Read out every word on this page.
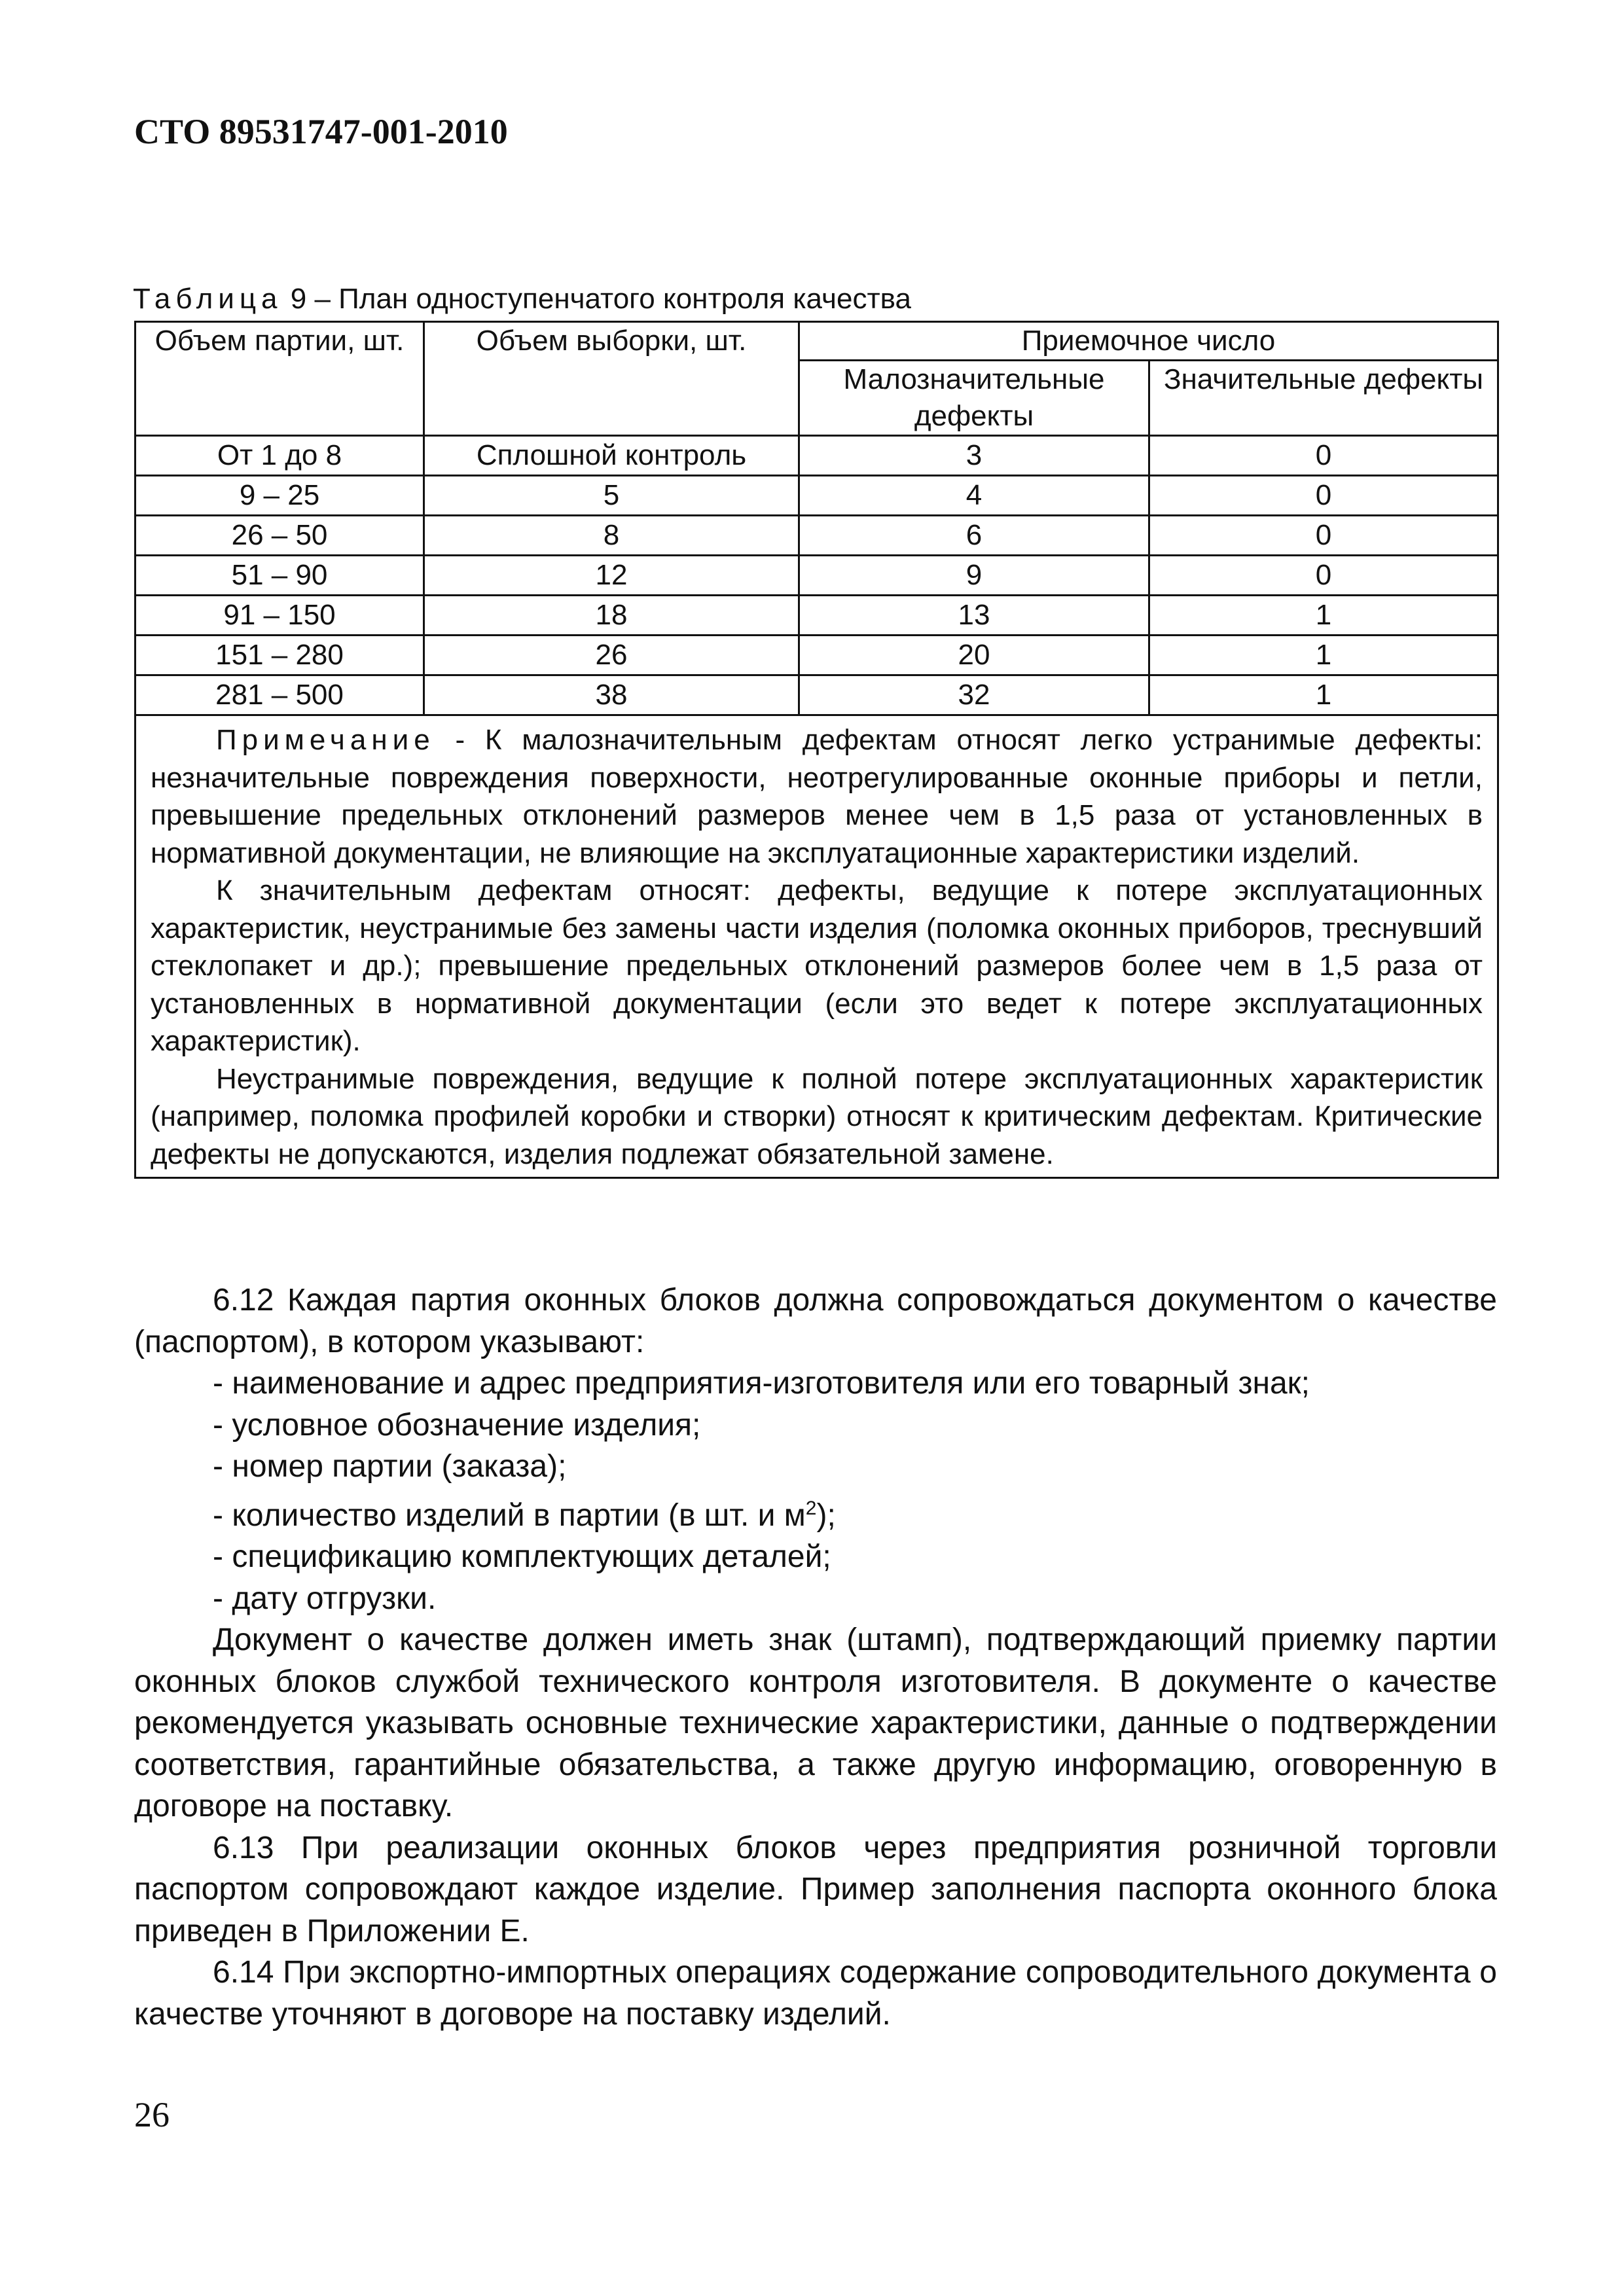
СТО 89531747-001-2010
Таблица 9 – План одноступенчатого контроля качества
Объем партии, шт.	Объем выборки, шт.	Приемочное число	
		Малозначительные дефекты	Значительные дефекты
От 1 до 8	Сплошной контроль	3	0
9 – 25	5	4	0
26 – 50	8	6	0
51 – 90	12	9	0
91 – 150	18	13	1
151 – 280	26	20	1
281 – 500	38	32	1

Примечание - К малозначительным дефектам относят легко устранимые дефекты: незначительные повреждения поверхности, неотрегулированные оконные приборы и петли, превышение предельных отклонений размеров менее чем в 1,5 раза от установленных в нормативной документации, не влияющие на эксплуатационные характеристики изделий.

К значительным дефектам относят: дефекты, ведущие к потере эксплуатационных характеристик, неустранимые без замены части изделия (поломка оконных приборов, треснувший стеклопакет и др.); превышение предельных отклонений размеров более чем в 1,5 раза от установленных в нормативной документации (если это ведет к потере эксплуатационных характеристик).

Неустранимые повреждения, ведущие к полной потере эксплуатационных характеристик (например, поломка профилей коробки и створки) относят к критическим дефектам. Критические дефекты не допускаются, изделия подлежат обязательной замене.			

6.12 Каждая партия оконных блоков должна сопровождаться документом о качестве (паспортом), в котором указывают:

- наименование и адрес предприятия-изготовителя или его товарный знак;

- условное обозначение изделия;

- номер партии (заказа);

- количество изделий в партии (в шт. и $м^2$);

- спецификацию комплектующих деталей;

- дату отгрузки.

Документ о качестве должен иметь знак (штамп), подтверждающий приемку партии оконных блоков службой технического контроля изготовителя. В документе о качестве рекомендуется указывать основные технические характеристики, данные о подтверждении соответствия, гарантийные обязательства, а также другую информацию, оговоренную в договоре на поставку.

6.13 При реализации оконных блоков через предприятия розничной торговли паспортом сопровождают каждое изделие. Пример заполнения паспорта оконного блока приведен в Приложении Е.

6.14 При экспортно-импортных операциях содержание сопроводительного документа о качестве уточняют в договоре на поставку изделий.

26
